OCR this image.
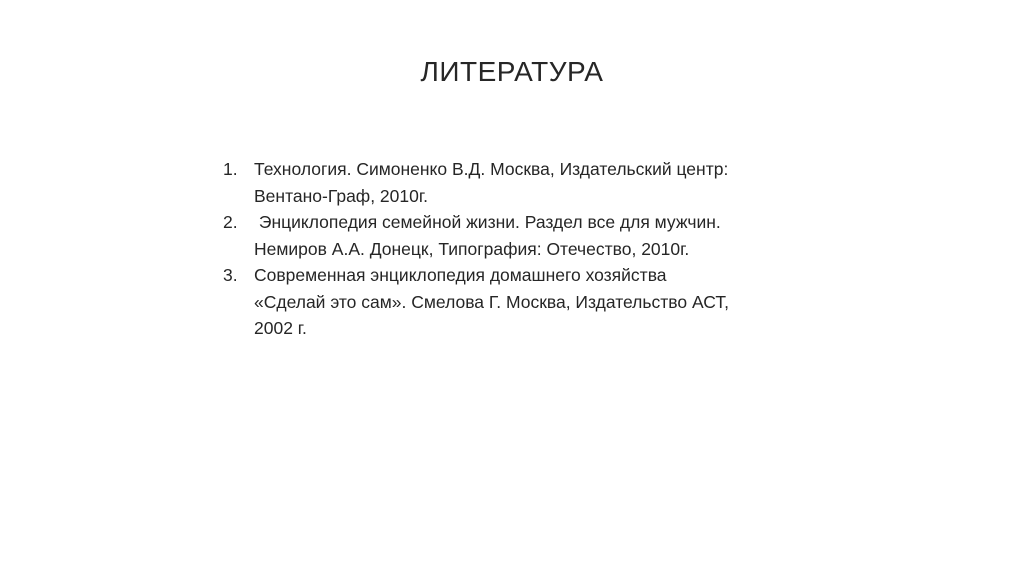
ЛИТЕРАТУРА
1. Технология. Симоненко В.Д. Москва, Издательский центр:
Вентано-Граф, 2010г.
2. Энциклопедия семейной жизни. Раздел все для мужчин.
Немиров А.А. Донецк, Типография: Отечество, 2010г.
3. Современная энциклопедия домашнего хозяйства
«Сделай это сам». Смелова Г. Москва, Издательство АСТ,
2002 г.
